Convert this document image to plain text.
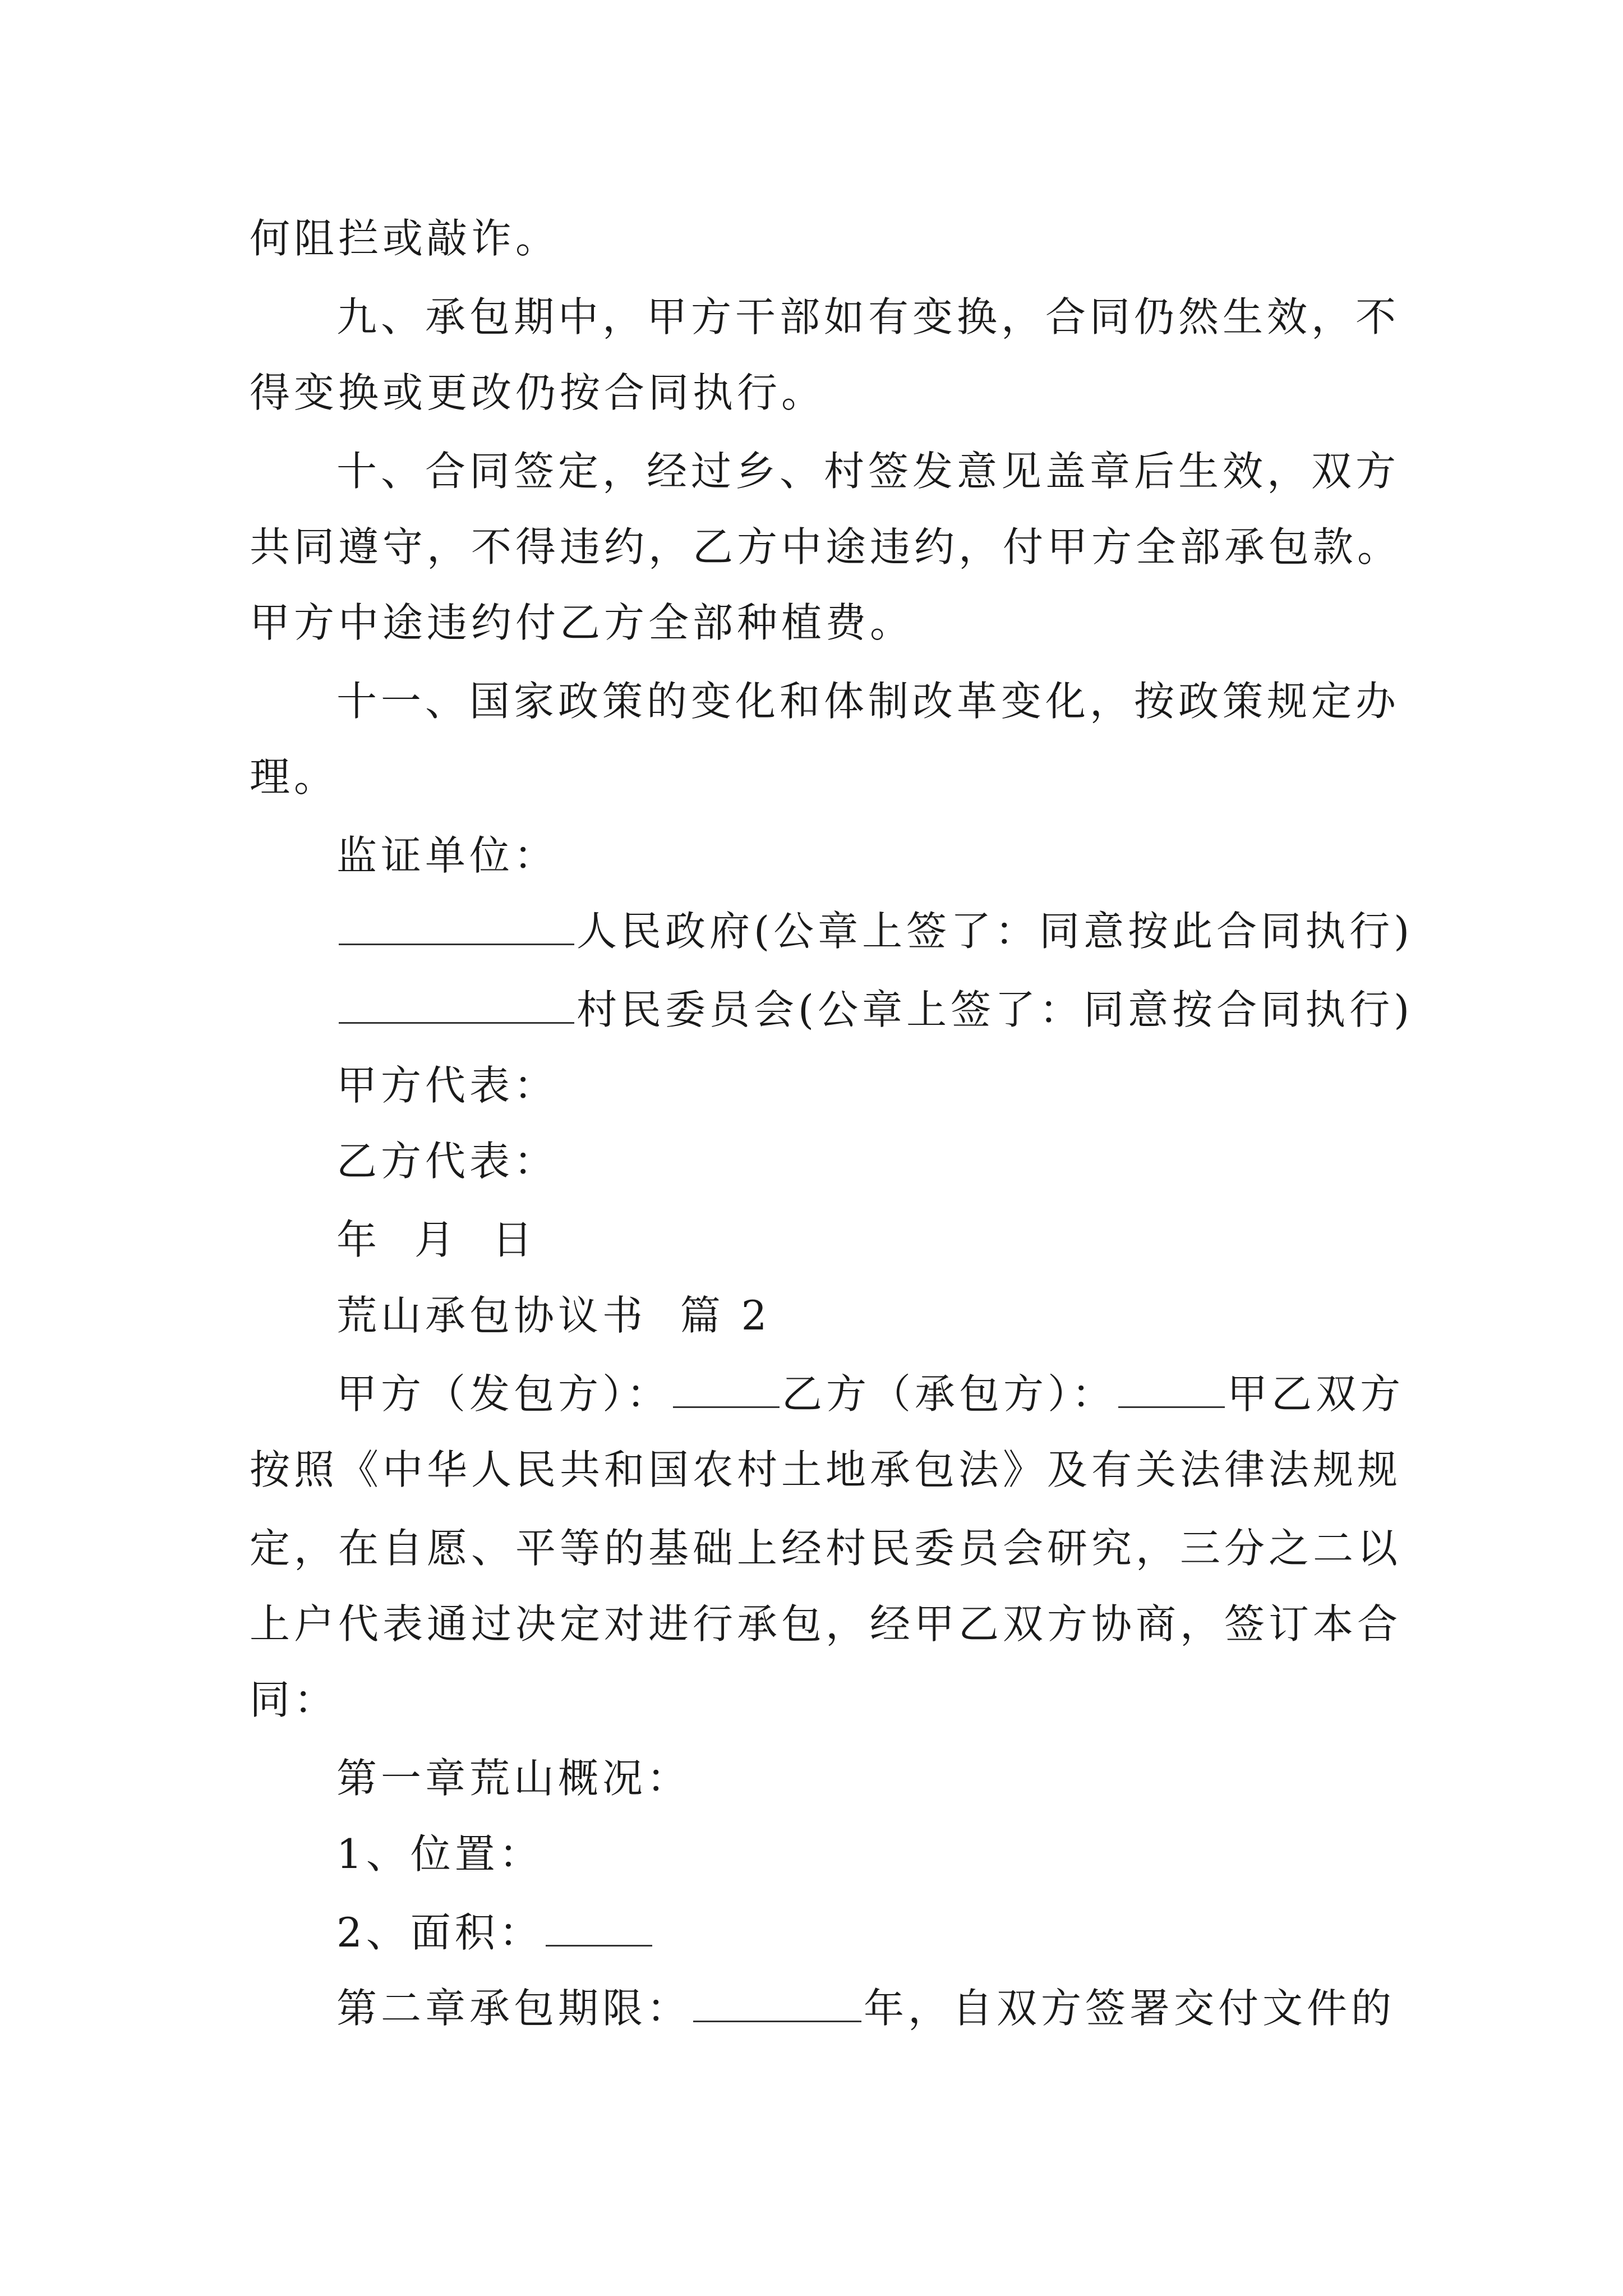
何阻拦或敲诈。
九、承包期中，甲方干部如有变换，合同仍然生效，不
得变换或更改仍按合同执行。
十、合同签定，经过乡、村签发意见盖章后生效，双方
共同遵守，不得违约，乙方中途违约，付甲方全部承包款。
甲方中途违约付乙方全部种植费。
十一、国家政策的变化和体制改革变化，按政策规定办
理。
监证单位：
人民政府(公章上签了：同意按此合同执行)
村民委员会(公章上签了：同意按合同执行)
甲方代表：
乙方代表：
年  月  日
荒山承包协议书  篇 2
甲方（发包方）：	乙方（承包方）：	甲乙双方
按照《中华人民共和国农村土地承包法》及有关法律法规规
定，在自愿、平等的基础上经村民委员会研究，三分之二以
上户代表通过决定对进行承包，经甲乙双方协商，签订本合
同：
第一章荒山概况：
1、位置：
2、面积：
第二章承包期限：	年，自双方签署交付文件的
